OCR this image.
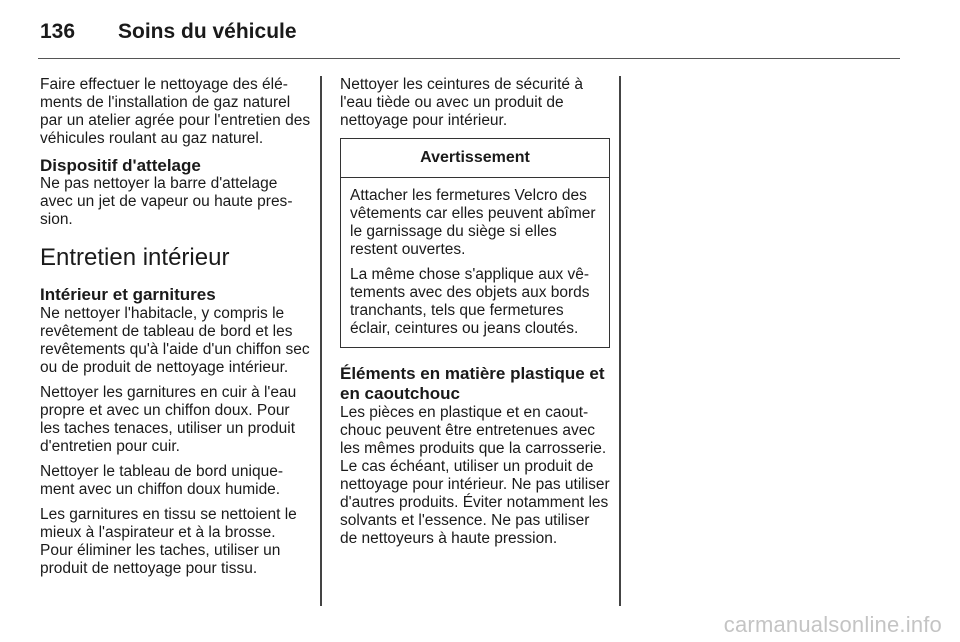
136 Soins du véhicule

Faire effectuer le nettoyage des éléments de l'installation de gaz naturel par un atelier agrée pour l'entretien des véhicules roulant au gaz naturel.

Dispositif d'attelage

Ne pas nettoyer la barre d'attelage avec un jet de vapeur ou haute pression.

Entretien intérieur
Intérieur et garnitures

Ne nettoyer l'habitacle, y compris le revêtement de tableau de bord et les revêtements qu'à l'aide d'un chiffon sec ou de produit de nettoyage intérieur.

Nettoyer les garnitures en cuir à l'eau propre et avec un chiffon doux. Pour les taches tenaces, utiliser un produit d'entretien pour cuir.

Nettoyer le tableau de bord uniquement avec un chiffon doux humide.

Les garnitures en tissu se nettoient le mieux à l'aspirateur et à la brosse. Pour éliminer les taches, utiliser un produit de nettoyage pour tissu.

Nettoyer les ceintures de sécurité à l'eau tiède ou avec un produit de nettoyage pour intérieur.

Avertissement

Attacher les fermetures Velcro des vêtements car elles peuvent abîmer le garnissage du siège si elles restent ouvertes.

La même chose s'applique aux vêtements avec des objets aux bords tranchants, tels que fermetures éclair, ceintures ou jeans cloutés.

Éléments en matière plastique et en caoutchouc

Les pièces en plastique et en caoutchouc peuvent être entretenues avec les mêmes produits que la carrosserie. Le cas échéant, utiliser un produit de nettoyage pour intérieur. Ne pas utiliser d'autres produits. Éviter notamment les solvants et l'essence. Ne pas utiliser de nettoyeurs à haute pression.

carmanualsonline.info
